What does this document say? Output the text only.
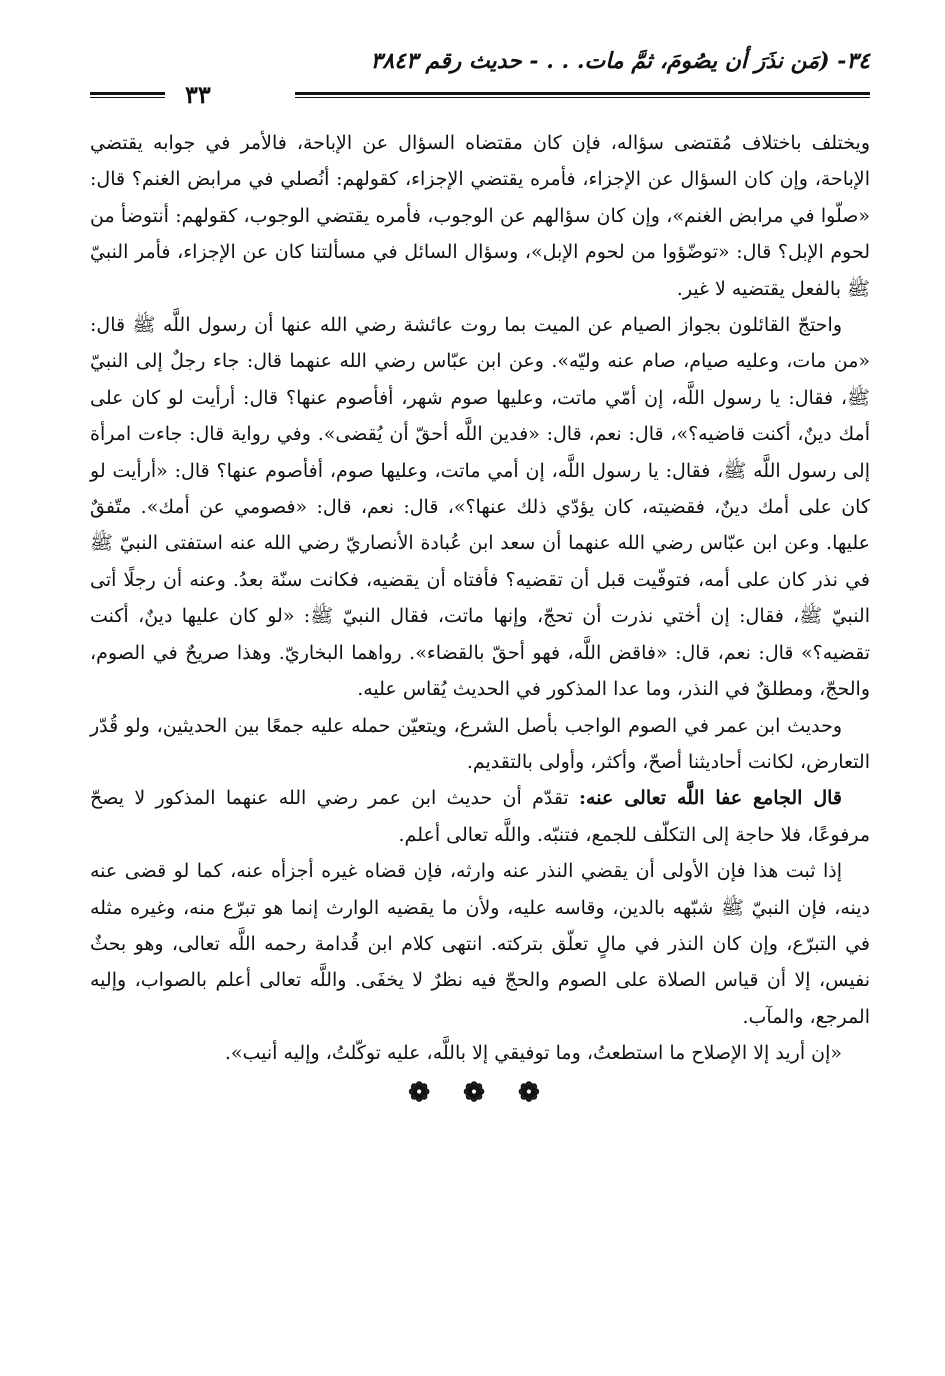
٣٤- (مَن نذَرَ أن يصُومَ، ثمَّ مات. . . - حديث رقم ٣٨٤٣
٣٣

ويختلف باختلاف مُقتضى سؤاله، فإن كان مقتضاه السؤال عن الإباحة، فالأمر في جوابه يقتضي الإباحة، وإن كان السؤال عن الإجزاء، فأمره يقتضي الإجزاء، كقولهم: أنُصلي في مرابض الغنم؟ قال: «صلّوا في مرابض الغنم»، وإن كان سؤالهم عن الوجوب، فأمره يقتضي الوجوب، كقولهم: أنتوضأ من لحوم الإبل؟ قال: «توضّؤوا من لحوم الإبل»، وسؤال السائل في مسألتنا كان عن الإجزاء، فأمر النبيّ ﷺ بالفعل يقتضيه لا غير.

واحتجّ القائلون بجواز الصيام عن الميت بما روت عائشة رضي الله عنها أن رسول اللَّه ﷺ قال: «من مات، وعليه صيام، صام عنه وليّه». وعن ابن عبّاس رضي الله عنهما قال: جاء رجلٌ إلى النبيّ ﷺ، فقال: يا رسول اللَّه، إن أمّي ماتت، وعليها صوم شهر، أفأصوم عنها؟ قال: أرأيت لو كان على أمك دينٌ، أكنت قاضيه؟»، قال: نعم، قال: «فدين اللَّه أحقّ أن يُقضى». وفي رواية قال: جاءت امرأة إلى رسول اللَّه ﷺ، فقال: يا رسول اللَّه، إن أمي ماتت، وعليها صوم، أفأصوم عنها؟ قال: «أرأيت لو كان على أمك دينٌ، فقضيته، كان يؤدّي ذلك عنها؟»، قال: نعم، قال: «فصومي عن أمك». متّفقٌ عليها. وعن ابن عبّاس رضي الله عنهما أن سعد ابن عُبادة الأنصاريّ رضي الله عنه استفتى النبيّ ﷺ في نذر كان على أمه، فتوفّيت قبل أن تقضيه؟ فأفتاه أن يقضيه، فكانت سنّة بعدُ. وعنه أن رجلًا أتى النبيّ ﷺ، فقال: إن أختي نذرت أن تحجّ، وإنها ماتت، فقال النبيّ ﷺ: «لو كان عليها دينٌ، أكنت تقضيه؟» قال: نعم، قال: «فاقض اللَّه، فهو أحقّ بالقضاء». رواهما البخاريّ. وهذا صريحٌ في الصوم، والحجّ، ومطلقٌ في النذر، وما عدا المذكور في الحديث يُقاس عليه.

وحديث ابن عمر في الصوم الواجب بأصل الشرع، ويتعيّن حمله عليه جمعًا بين الحديثين، ولو قُدّر التعارض، لكانت أحاديثنا أصحّ، وأكثر، وأولى بالتقديم.

قال الجامع عفا اللَّه تعالى عنه: تقدّم أن حديث ابن عمر رضي الله عنهما المذكور لا يصحّ مرفوعًا، فلا حاجة إلى التكلّف للجمع، فتنبّه. واللَّه تعالى أعلم.

إذا ثبت هذا فإن الأولى أن يقضي النذر عنه وارثه، فإن قضاه غيره أجزأه عنه، كما لو قضى عنه دينه، فإن النبيّ ﷺ شبّهه بالدين، وقاسه عليه، ولأن ما يقضيه الوارث إنما هو تبرّع منه، وغيره مثله في التبرّع، وإن كان النذر في مالٍ تعلّق بتركته. انتهى كلام ابن قُدامة رحمه اللَّه تعالى، وهو بحثٌ نفيس، إلا أن قياس الصلاة على الصوم والحجّ فيه نظرٌ لا يخفَى. واللَّه تعالى أعلم بالصواب، وإليه المرجع، والمآب.

«إن أريد إلا الإصلاح ما استطعتُ، وما توفيقي إلا باللَّه، عليه توكّلتُ، وإليه أنيب».

❁ ❁ ❁
